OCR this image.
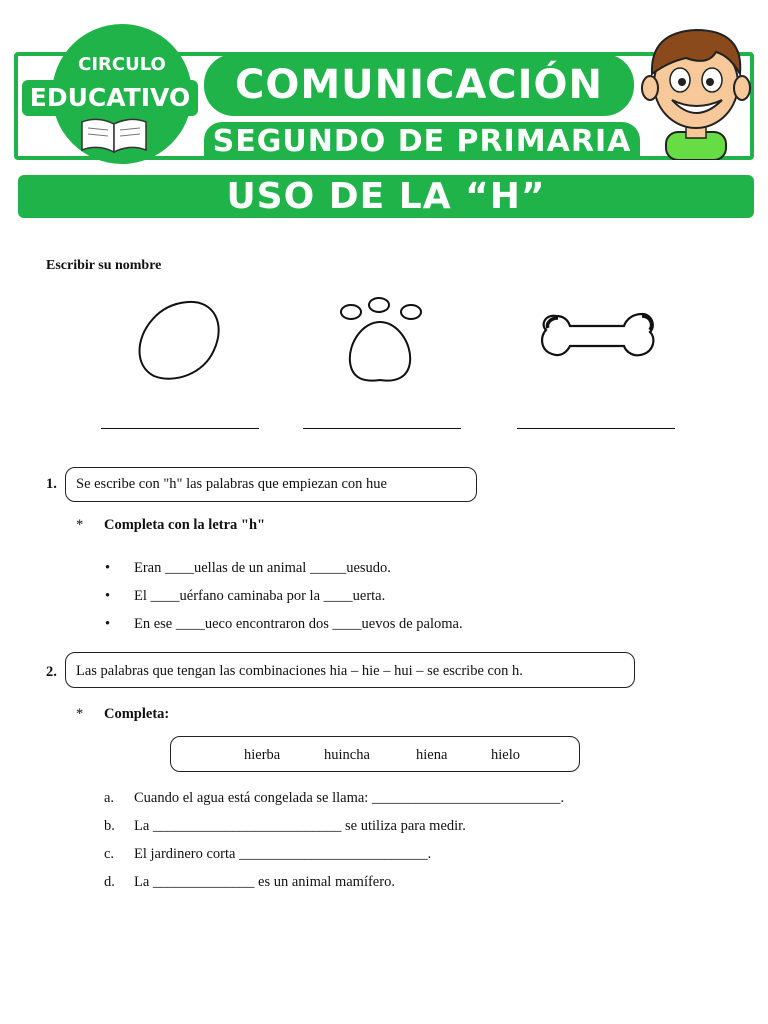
COMUNICACIÓN
SEGUNDO DE PRIMARIA
CIRCULO
EDUCATIVO
USO DE LA “H”
Escribir su nombre
1. Se escribe con "h" las palabras que empiezan con hue
* Completa con la letra "h"
• Eran ____uellas de un animal _____uesudo.
• El ____uérfano caminaba por la ____uerta.
• En ese ____ueco encontraron dos ____uevos de paloma.
2. Las palabras que tengan las combinaciones hia – hie – hui – se escribe con h.
* Completa:
hierba	huincha	hiena	hielo
a. Cuando el agua está congelada se llama: __________________________.
b. La __________________________ se utiliza para medir.
c. El jardinero corta __________________________.
d. La ______________ es un animal mamífero.
